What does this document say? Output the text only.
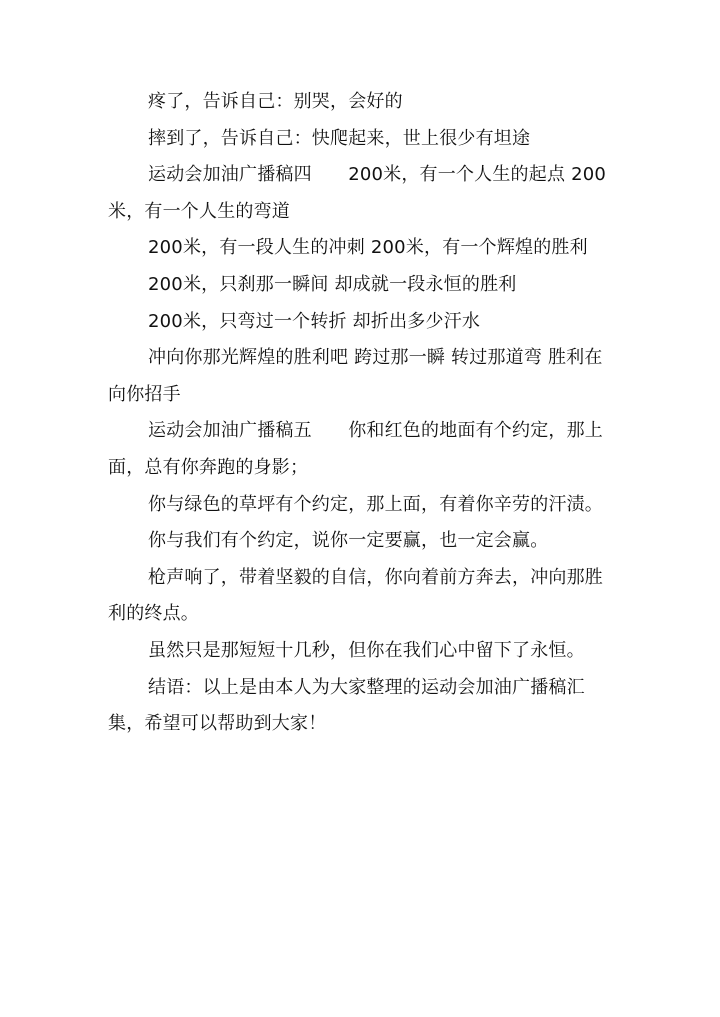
疼了，告诉自己：别哭，会好的

摔到了，告诉自己：快爬起来，世上很少有坦途

运动会加油广播稿四　　200米，有一个人生的起点 200米，有一个人生的弯道

200米，有一段人生的冲刺 200米，有一个辉煌的胜利

200米，只刹那一瞬间 却成就一段永恒的胜利

200米，只弯过一个转折 却折出多少汗水

冲向你那光辉煌的胜利吧 跨过那一瞬 转过那道弯 胜利在向你招手

运动会加油广播稿五　　你和红色的地面有个约定，那上面，总有你奔跑的身影；

你与绿色的草坪有个约定，那上面，有着你辛劳的汗渍。

你与我们有个约定，说你一定要赢，也一定会赢。

枪声响了，带着坚毅的自信，你向着前方奔去，冲向那胜利的终点。

虽然只是那短短十几秒，但你在我们心中留下了永恒。

结语：以上是由本人为大家整理的运动会加油广播稿汇集，希望可以帮助到大家！
